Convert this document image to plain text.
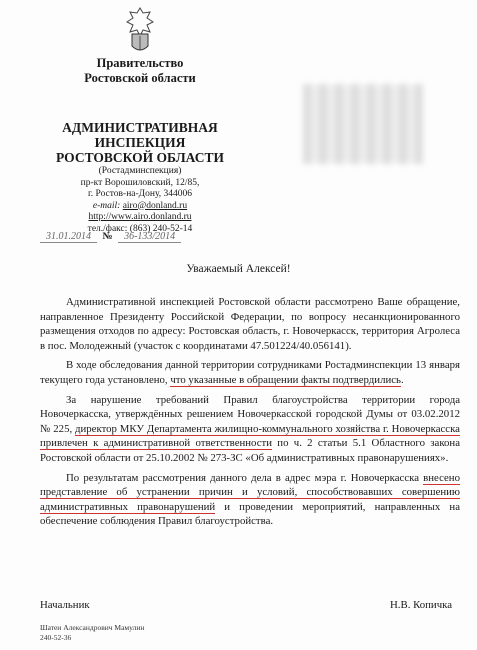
Правительство
Ростовской области
АДМИНИСТРАТИВНАЯ
ИНСПЕКЦИЯ
РОСТОВСКОЙ ОБЛАСТИ
(Ростадминспекция)
пр-кт Ворошиловский, 12/85,
г. Ростов-на-Дону, 344006
e-mail: airo@donland.ru
http://www.airo.donland.ru
тел./факс: (863) 240-52-14
31.01.2014 № 36-133/2014
Уважаемый Алексей!

Административной инспекцией Ростовской области рассмотрено Ваше обращение, направленное Президенту Российской Федерации, по вопросу несанкционированного размещения отходов по адресу: Ростовская область, г. Новочеркасск, территория Агролеса в пос. Молодежный (участок с координатами 47.501224/40.056141).

В ходе обследования данной территории сотрудниками Ростадминспекции 13 января текущего года установлено, что указанные в обращении факты подтвердились.

За нарушение требований Правил благоустройства территории города Новочеркасска, утверждённых решением Новочеркасской городской Думы от 03.02.2012 № 225, директор МКУ Департамента жилищно-коммунального хозяйства г. Новочеркасска привлечен к административной ответственности по ч. 2 статьи 5.1 Областного закона Ростовской области от 25.10.2002 № 273-ЗС «Об административных правонарушениях».

По результатам рассмотрения данного дела в адрес мэра г. Новочеркасска внесено представление об устранении причин и условий, способствовавших совершению административных правонарушений и проведении мероприятий, направленных на обеспечение соблюдения Правил благоустройства.

Начальник	Н.В. Копичка
Шатеи Александрович Мамулин
240-52-36
